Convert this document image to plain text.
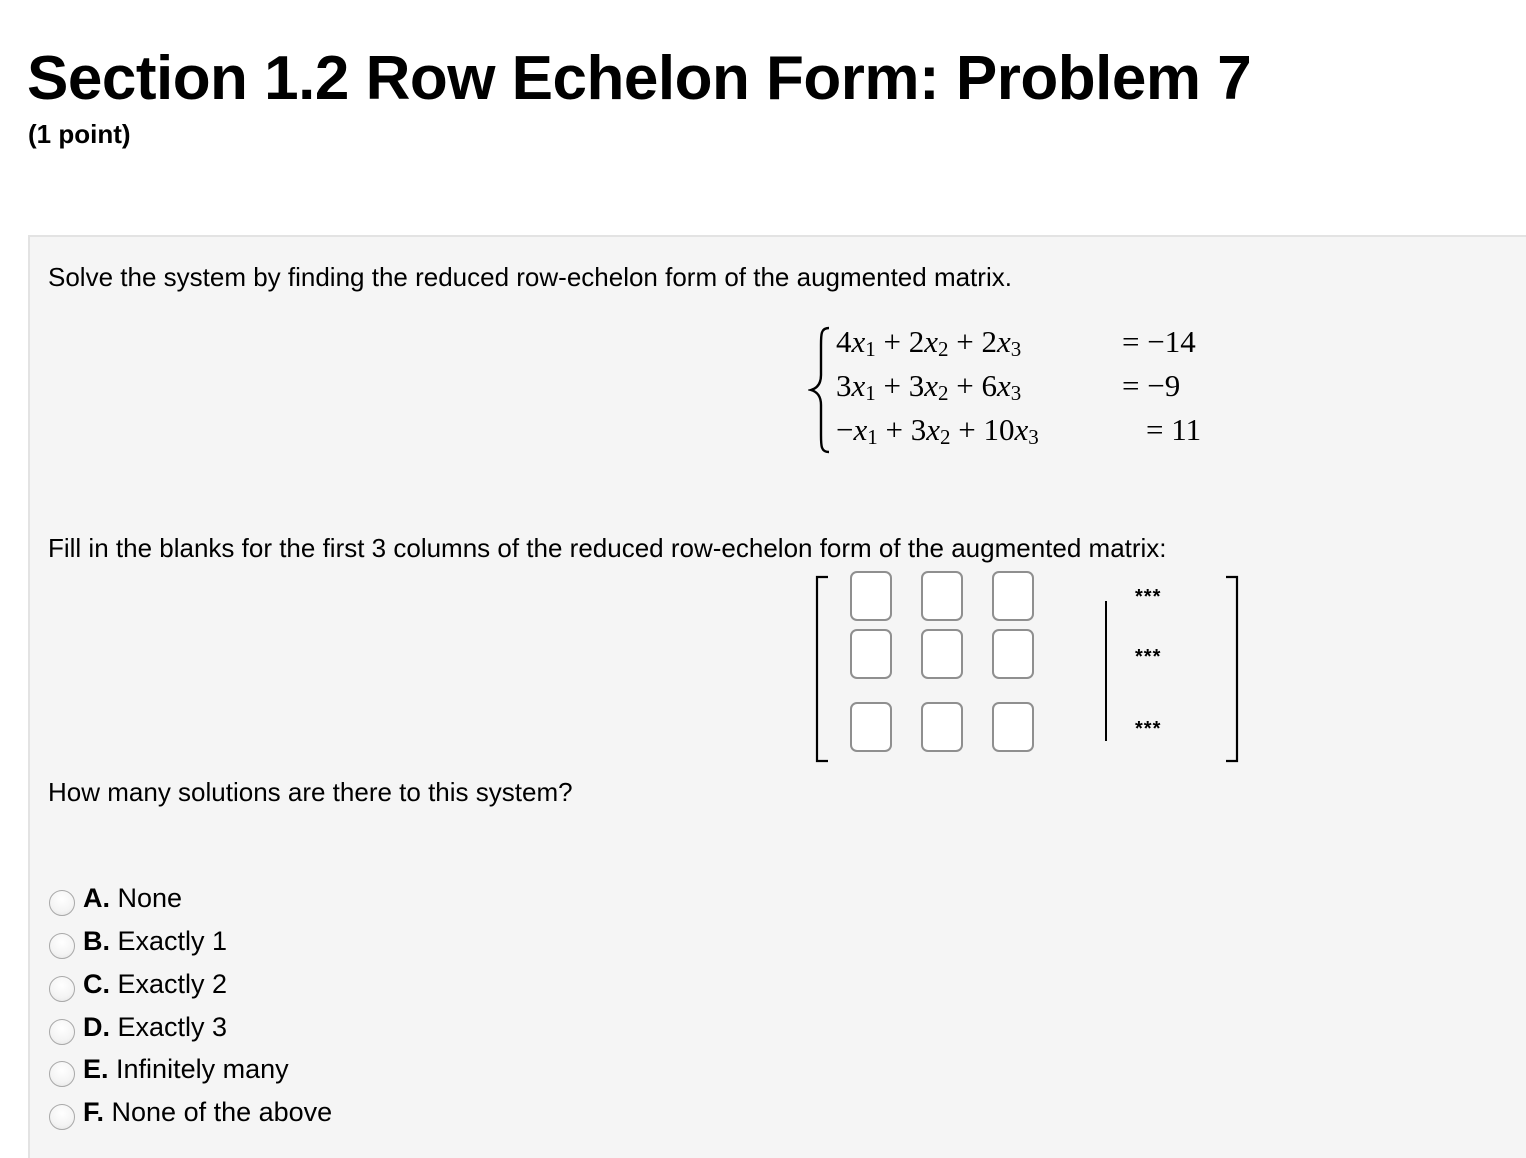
Section 1.2 Row Echelon Form: Problem 7
(1 point)
Solve the system by finding the reduced row-echelon form of the augmented matrix.
$4x_1 + 2x_2 + 2x_3$	= −14
$3x_1 + 3x_2 + 6x_3$	= −9
$-x_1 + 3x_2 + 10x_3$	= 11
Fill in the blanks for the first 3 columns of the reduced row-echelon form of the augmented matrix:
***
***
***
How many solutions are there to this system?
A. None
B. Exactly 1
C. Exactly 2
D. Exactly 3
E. Infinitely many
F. None of the above
